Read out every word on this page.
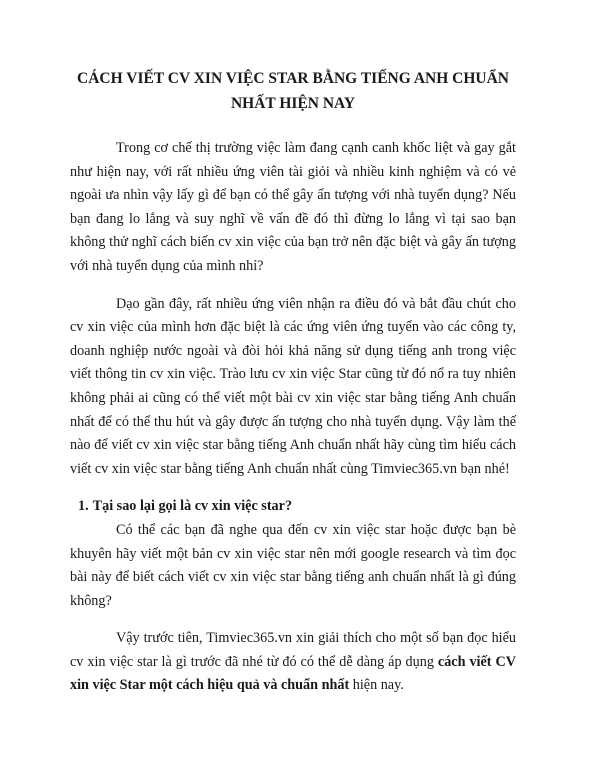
CÁCH VIẾT CV XIN VIỆC STAR BẰNG TIẾNG ANH CHUẨN NHẤT HIỆN NAY

Trong cơ chế thị trường việc làm đang cạnh canh khốc liệt và gay gắt như hiện nay, với rất nhiều ứng viên tài giỏi và nhiều kinh nghiệm và có vẻ ngoài ưa nhìn vậy lấy gì để bạn có thể gây ấn tượng với nhà tuyển dụng? Nếu bạn đang lo lắng và suy nghĩ về vấn đề đó thì đừng lo lắng vì tại sao bạn không thử nghĩ cách biến cv xin việc của bạn trở nên đặc biệt và gây ấn tượng với nhà tuyển dụng của mình nhỉ?

Dạo gần đây, rất nhiều ứng viên nhận ra điều đó và bắt đầu chút cho cv xin việc của mình hơn đặc biệt là các ứng viên ứng tuyển vào các công ty, doanh nghiệp nước ngoài và đòi hỏi khả năng sử dụng tiếng anh trong việc viết thông tin cv xin việc. Trào lưu cv xin việc Star cũng từ đó nổ ra tuy nhiên không phải ai cũng có thể viết một bài cv xin việc star bằng tiếng Anh chuẩn nhất để có thể thu hút và gây được ấn tượng cho nhà tuyển dụng. Vậy làm thế nào để viết cv xin việc star bằng tiếng Anh chuẩn nhất hãy cùng tìm hiểu cách viết cv xin việc star bằng tiếng Anh chuẩn nhất cùng Timviec365.vn bạn nhé!

1. Tại sao lại gọi là cv xin việc star?

Có thể các bạn đã nghe qua đến cv xin việc star hoặc được bạn bè khuyên hãy viết một bản cv xin việc star nên mới google research và tìm đọc bài này để biết cách viết cv xin việc star bằng tiếng anh chuẩn nhất là gì đúng không?

Vậy trước tiên, Timviec365.vn xin giải thích cho một số bạn đọc hiểu cv xin việc star là gì trước đã nhé từ đó có thể dễ dàng áp dụng cách viết CV xin việc Star một cách hiệu quả và chuẩn nhất hiện nay.
